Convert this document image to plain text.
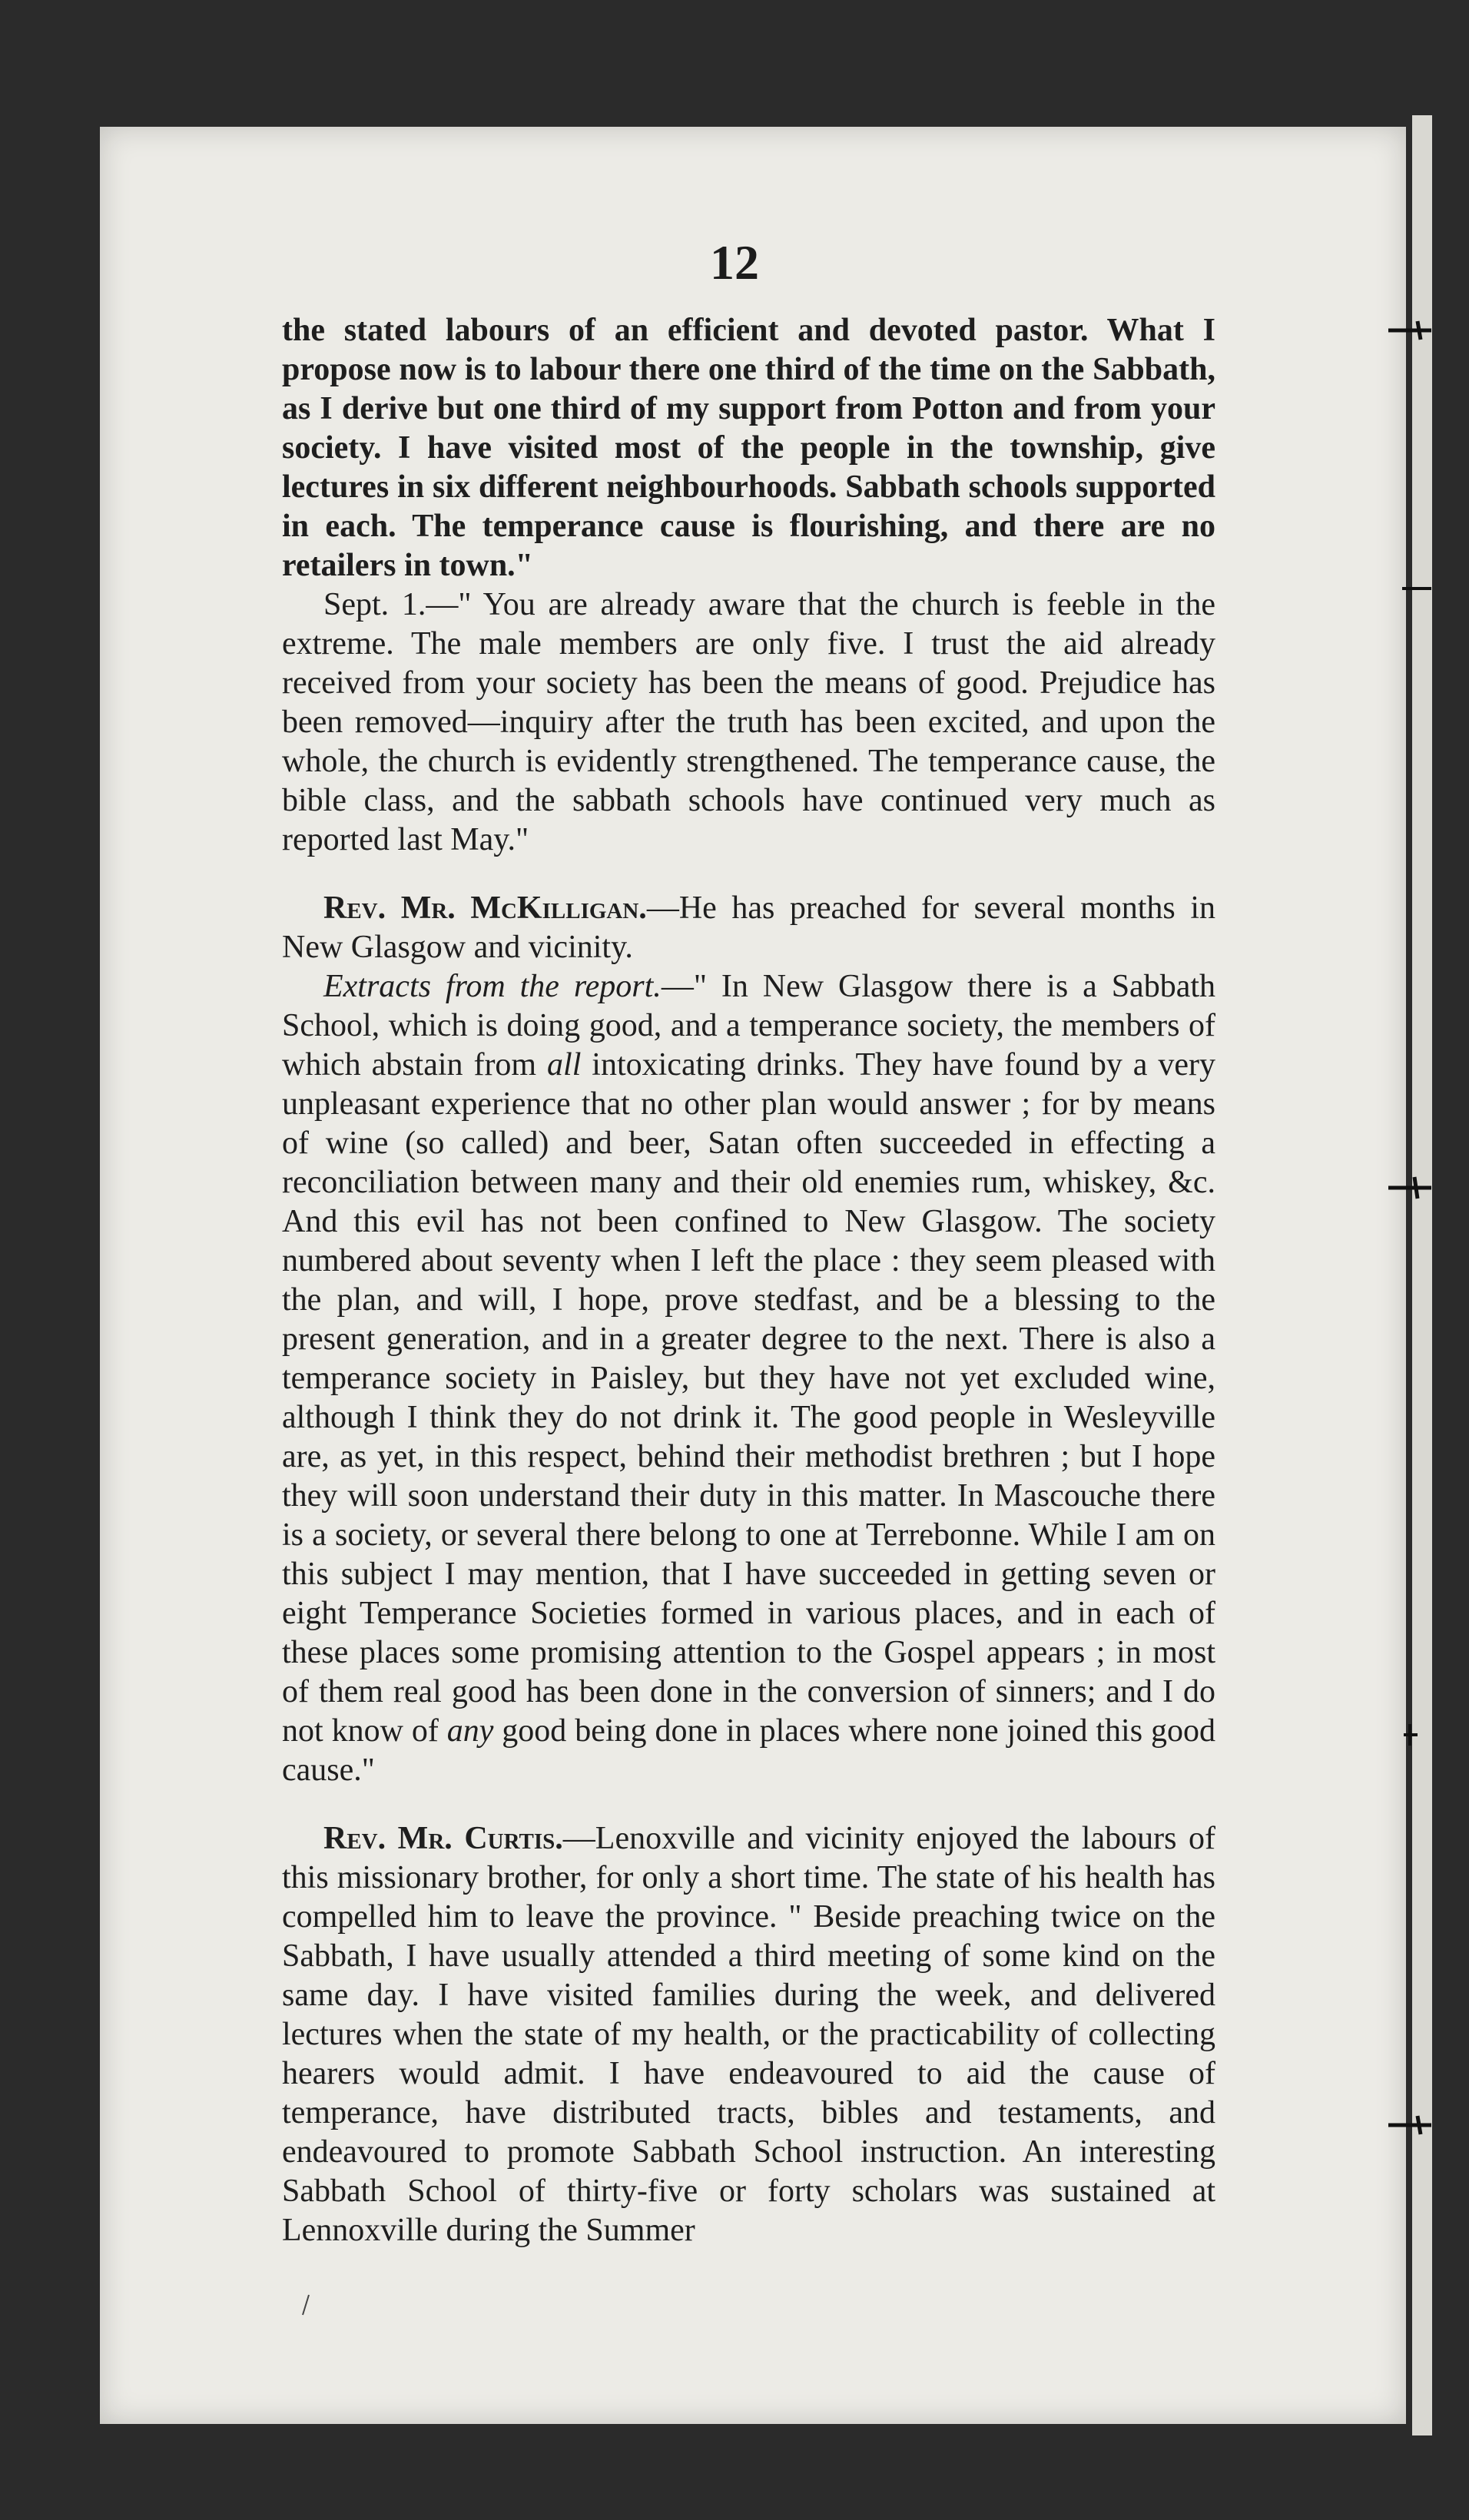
12

the stated labours of an efficient and devoted pastor. What I propose now is to labour there one third of the time on the Sabbath, as I derive but one third of my support from Potton and from your society. I have visited most of the people in the township, give lectures in six different neighbourhoods. Sabbath schools supported in each. The temperance cause is flourishing, and there are no retailers in town."

Sept. 1.—" You are already aware that the church is feeble in the extreme. The male members are only five. I trust the aid already received from your society has been the means of good. Prejudice has been removed—inquiry after the truth has been excited, and upon the whole, the church is evidently strengthened. The temperance cause, the bible class, and the sabbath schools have continued very much as reported last May."

Rev. Mr. McKilligan.—He has preached for several months in New Glasgow and vicinity.

Extracts from the report.—" In New Glasgow there is a Sabbath School, which is doing good, and a temperance society, the members of which abstain from all intoxicating drinks. They have found by a very unpleasant experience that no other plan would answer ; for by means of wine (so called) and beer, Satan often succeeded in effecting a reconciliation between many and their old enemies rum, whiskey, &c. And this evil has not been confined to New Glasgow. The society numbered about seventy when I left the place : they seem pleased with the plan, and will, I hope, prove stedfast, and be a blessing to the present generation, and in a greater degree to the next. There is also a temperance society in Paisley, but they have not yet excluded wine, although I think they do not drink it. The good people in Wesleyville are, as yet, in this respect, behind their methodist brethren ; but I hope they will soon understand their duty in this matter. In Mascouche there is a society, or several there belong to one at Terrebonne. While I am on this subject I may mention, that I have succeeded in getting seven or eight Temperance Societies formed in various places, and in each of these places some promising attention to the Gospel appears ; in most of them real good has been done in the conversion of sinners; and I do not know of any good being done in places where none joined this good cause."

Rev. Mr. Curtis.—Lenoxville and vicinity enjoyed the labours of this missionary brother, for only a short time. The state of his health has compelled him to leave the province. " Beside preaching twice on the Sabbath, I have usually attended a third meeting of some kind on the same day. I have visited families during the week, and delivered lectures when the state of my health, or the practicability of collecting hearers would admit. I have endeavoured to aid the cause of temperance, have distributed tracts, bibles and testaments, and endeavoured to promote Sabbath School instruction. An interesting Sabbath School of thirty-five or forty scholars was sustained at Lennoxville during the Summer
